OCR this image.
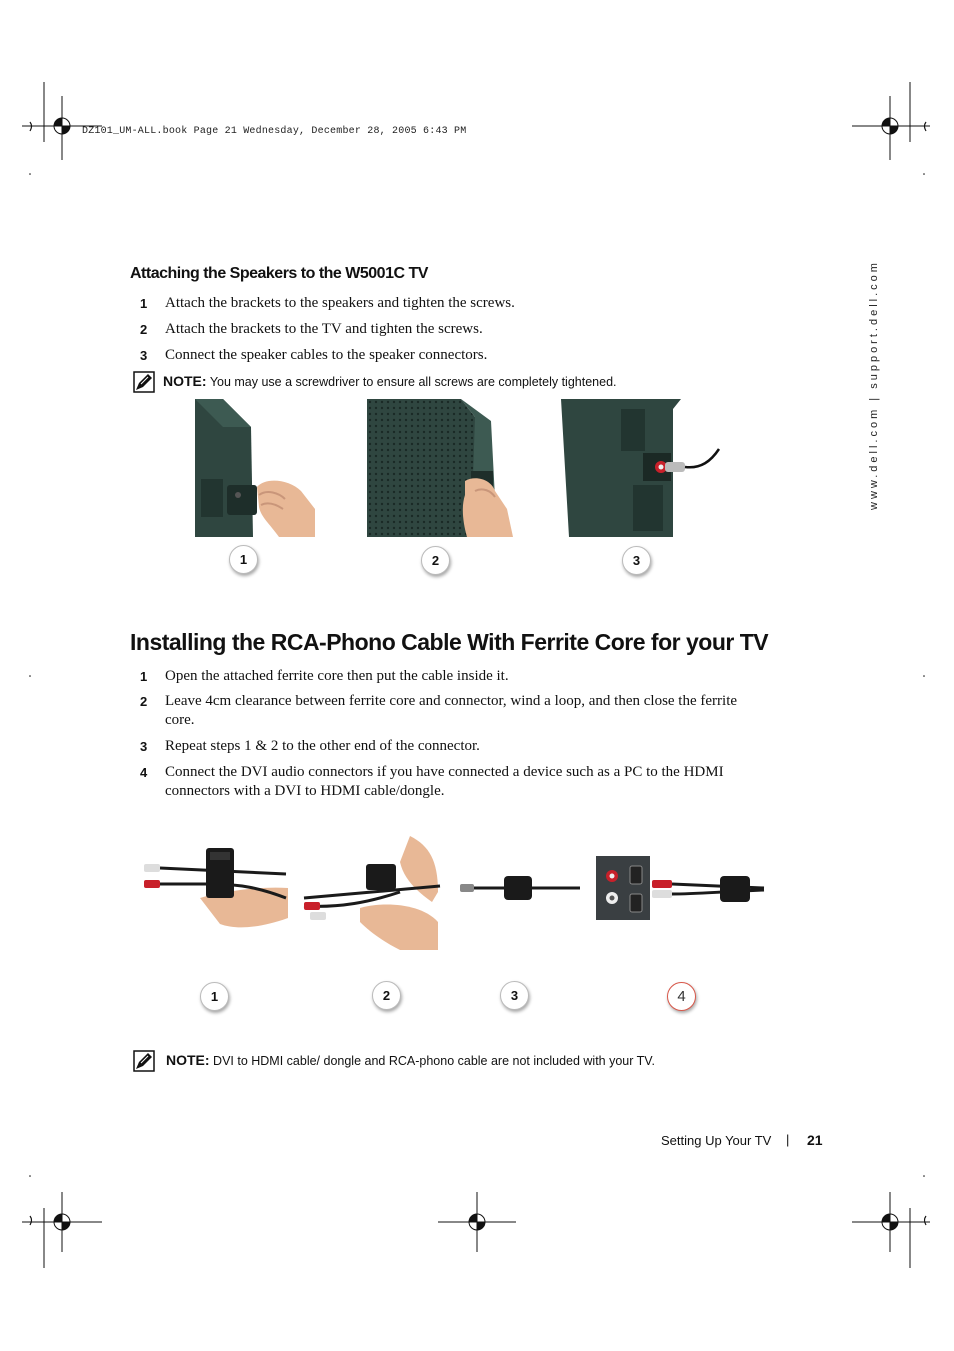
DZ101_UM-ALL.book Page 21 Wednesday, December 28, 2005 6:43 PM
www.dell.com | support.dell.com
Attaching the Speakers to the W5001C TV
1	Attach the brackets to the speakers and tighten the screws.
2	Attach the brackets to the TV and tighten the screws.
3	Connect the speaker cables to the speaker connectors.
NOTE: You may use a screwdriver to ensure all screws are completely tightened.
1	2	3
Installing the RCA-Phono Cable With Ferrite Core for your TV
1	Open the attached ferrite core then put the cable inside it.
2	Leave 4cm clearance between ferrite core and connector, wind a loop, and then close the ferrite core.
3	Repeat steps 1 & 2 to the other end of the connector.
4	Connect the DVI audio connectors if you have connected a device such as a PC to the HDMI connectors with a DVI to HDMI cable/dongle.
1	2	3	4
NOTE: DVI to HDMI cable/ dongle and RCA-phono cable are not included with your TV.
Setting Up Your TV | 21
